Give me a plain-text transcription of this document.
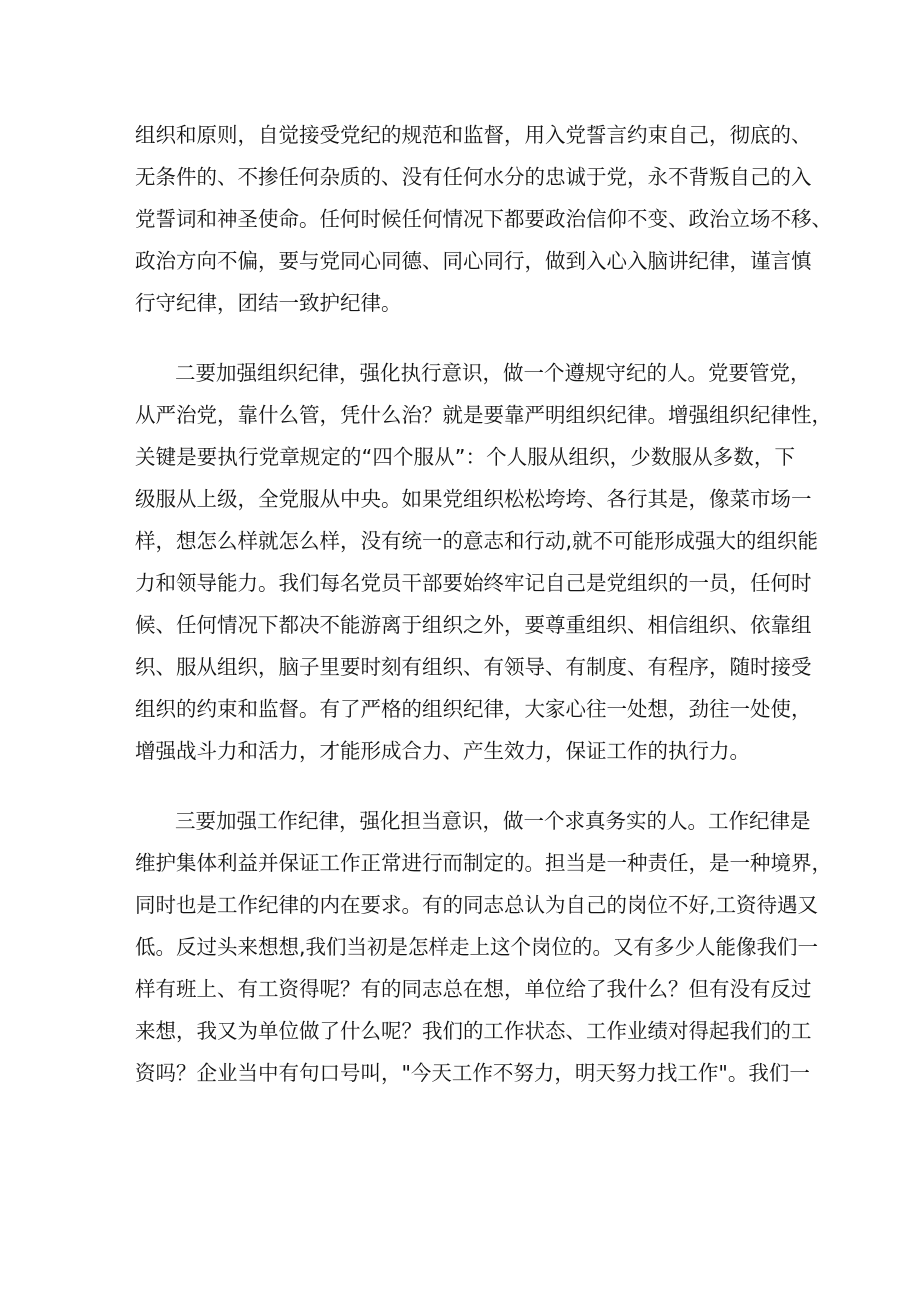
组织和原则，自觉接受党纪的规范和监督，用入党誓言约束自己，彻底的、
无条件的、不掺任何杂质的、没有任何水分的忠诚于党，永不背叛自己的入
党誓词和神圣使命。任何时候任何情况下都要政治信仰不变、政治立场不移、
政治方向不偏，要与党同心同德、同心同行，做到入心入脑讲纪律，谨言慎
行守纪律，团结一致护纪律。
二要加强组织纪律，强化执行意识，做一个遵规守纪的人。党要管党，
从严治党，靠什么管，凭什么治？就是要靠严明组织纪律。增强组织纪律性，
关键是要执行党章规定的“四个服从”：个人服从组织，少数服从多数，下
级服从上级，全党服从中央。如果党组织松松垮垮、各行其是，像菜市场一
样，想怎么样就怎么样，没有统一的意志和行动,就不可能形成强大的组织能
力和领导能力。我们每名党员干部要始终牢记自己是党组织的一员，任何时
候、任何情况下都决不能游离于组织之外，要尊重组织、相信组织、依靠组
织、服从组织，脑子里要时刻有组织、有领导、有制度、有程序，随时接受
组织的约束和监督。有了严格的组织纪律，大家心往一处想，劲往一处使，
增强战斗力和活力，才能形成合力、产生效力，保证工作的执行力。
三要加强工作纪律，强化担当意识，做一个求真务实的人。工作纪律是
维护集体利益并保证工作正常进行而制定的。担当是一种责任，是一种境界，
同时也是工作纪律的内在要求。有的同志总认为自己的岗位不好,工资待遇又
低。反过头来想想,我们当初是怎样走上这个岗位的。又有多少人能像我们一
样有班上、有工资得呢？有的同志总在想，单位给了我什么？但有没有反过
来想，我又为单位做了什么呢？我们的工作状态、工作业绩对得起我们的工
资吗？企业当中有句口号叫，"今天工作不努力，明天努力找工作"。我们一
